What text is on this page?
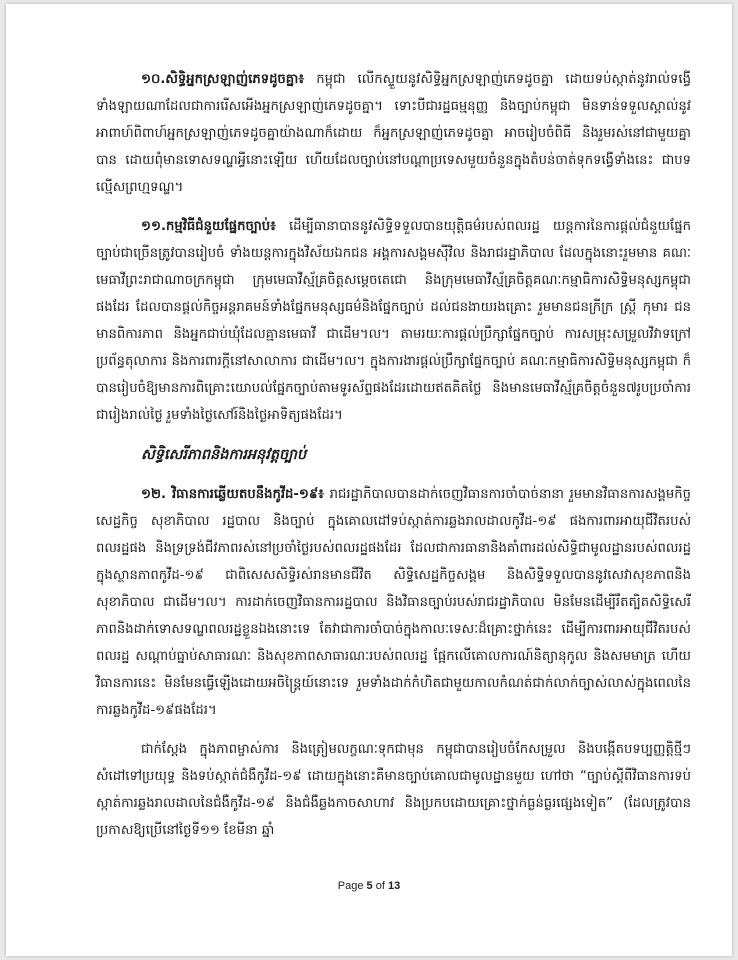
១០.សិទ្ធិអ្នកស្រឡាញ់ភេទដូចគ្នា៖ កម្ពុជា លើកស្ទួយនូវសិទ្ធិអ្នកស្រឡាញ់ភេទដូចគ្នា ដោយទប់ស្កាត់នូវរាល់ទង្វើទាំងឡាយណាដែលជាការរើសអើងអ្នកស្រឡាញ់ភេទដូចគ្នា។ ទោះបីជារដ្ឋធម្មនុញ្ញ និងច្បាប់កម្ពុជា មិនទាន់ទទួលស្គាល់នូវអាពាហ៍ពិពាហ៍អ្នកស្រឡាញ់ភេទដូចគ្នាយ៉ាងណាក៏ដោយ ក៏អ្នកស្រឡាញ់ភេទដូចគ្នា អាចរៀបចំពិធី និងរួមរស់នៅជាមួយគ្នាបាន ដោយពុំមានទោសទណ្ឌអ្វីនោះឡើយ ហើយដែលច្បាប់នៅបណ្ដាប្រទេសមួយចំនួនក្នុងតំបន់ចាត់ទុកទង្វើទាំងនេះ ជាបទល្មើសព្រហ្មទណ្ឌ។

១១.កម្មវិធីជំនួយផ្នែកច្បាប់៖ ដើម្បីធានាបាននូវសិទ្ធិទទួលបានយុត្តិធម៌របស់ពលរដ្ឋ យន្តការនៃការផ្ដល់ជំនួយផ្នែកច្បាប់ជាច្រើនត្រូវបានរៀបចំ ទាំងយន្តការក្នុងវិស័យឯកជន អង្គការសង្គមស៊ីវិល និងរាជរដ្ឋាភិបាល ដែលក្នុងនោះរួមមាន គណៈមេធាវីព្រះរាជាណាចក្រកម្ពុជា ក្រុមមេធាវីស្ម័គ្រចិត្តសម្ដេចតេជោ និងក្រុមមេធាវីស្ម័គ្រចិត្តគណៈកម្មាធិការសិទ្ធិមនុស្សកម្ពុជាផងដែរ ដែលបានផ្ដល់កិច្ចអន្តរាគមន៍ទាំងផ្នែកមនុស្សធម៌និងផ្នែកច្បាប់ ដល់ជនងាយរងគ្រោះ រួមមានជនក្រីក្រ ស្ត្រី កុមារ ជនមានពិការភាព និងអ្នកជាប់ឃុំដែលគ្មានមេធាវី ជាដើម។ល។ តាមរយៈការផ្ដល់ប្រឹក្សាផ្នែកច្បាប់ ការសម្រុះសម្រួលវិវាទក្រៅប្រព័ន្ធតុលាការ និងការពារក្ដីនៅសាលាការ ជាដើម។ល។ ក្នុងការងារផ្ដល់ប្រឹក្សាផ្នែកច្បាប់ គណៈកម្មាធិការសិទ្ធិមនុស្សកម្ពុជា ក៏បានរៀបចំឱ្យមានការពិគ្រោះយោបល់ផ្នែកច្បាប់តាមទូរស័ព្ទផងដែរដោយឥតគិតថ្លៃ និងមានមេធាវីស្ម័គ្រចិត្តចំនួន៧រូបប្រចាំការជារៀងរាល់ថ្ងៃ រួមទាំងថ្ងៃសៅរ៍និងថ្ងៃអាទិត្យផងដែរ។

សិទ្ធិសេរីភាពនិងការអនុវត្តច្បាប់

១២. វិធានការឆ្លើយតបនឹងកូវីដ-១៩៖ រាជរដ្ឋាភិបាលបានដាក់ចេញវិធានការចាំបាច់នានា រួមមានវិធានការសង្គមកិច្ច សេដ្ឋកិច្ច សុខាភិបាល រដ្ឋបាល និងច្បាប់ ក្នុងគោលដៅទប់ស្កាត់ការឆ្លងរាលដាលកូវីដ-១៩ ផងការពារអាយុជីវិតរបស់ពលរដ្ឋផង និងទ្រទ្រង់ជីវភាពរស់នៅប្រចាំថ្ងៃរបស់ពលរដ្ឋផងដែរ ដែលជាការធានានិងគាំពារដល់សិទ្ធិជាមូលដ្ឋានរបស់ពលរដ្ឋក្នុងស្ថានភាពកូវីដ-១៩ ជាពិសេសសិទ្ធិរស់រានមានជីវិត សិទ្ធិសេដ្ឋកិច្ចសង្គម និងសិទ្ធិទទួលបាននូវសេវាសុខភាពនិងសុខាភិបាល ជាដើម។ល។ ការដាក់ចេញវិធានការរដ្ឋបាល និងវិធានច្បាប់របស់រាជរដ្ឋាភិបាល មិនមែនដើម្បីរឹតត្បិតសិទ្ធិសេរីភាពនិងដាក់ទោសទណ្ឌពលរដ្ឋខ្លួនឯងនោះទេ តែវាជាការចាំបាច់ក្នុងកាលៈទេសៈដ៏គ្រោះថ្នាក់នេះ ដើម្បីការពារអាយុជីវិតរបស់ពលរដ្ឋ សណ្ដាប់ធ្នាប់សាធារណៈ និងសុខភាពសាធារណៈរបស់ពលរដ្ឋ ផ្អែកលើគោលការណ៍និត្យានុកូល និងសមមាត្រ ហើយវិធានការនេះ មិនមែនធ្វើឡើងដោយអចិន្ត្រៃយ៍នោះទេ រួមទាំងដាក់កំហិតជាមួយកាលកំណត់ជាក់លាក់ច្បាស់លាស់ក្នុងពេលនៃការឆ្លងកូវីដ-១៩ផងដែរ។

ជាក់ស្ដែង ក្នុងភាពម្ចាស់ការ និងត្រៀមលក្ខណៈទុកជាមុន កម្ពុជាបានរៀបចំកែសម្រួល និងបង្កើតបទប្បញ្ញត្តិថ្មីៗ សំដៅទៅប្រយុទ្ធ និងទប់ស្កាត់ជំងឺកូវីដ-១៩ ដោយក្នុងនោះគឺមានច្បាប់គោលជាមូលដ្ឋានមួយ ហៅថា “ច្បាប់ស្ដីពីវិធានការទប់ស្កាត់ការឆ្លងរាលដាលនៃជំងឺកូវីដ-១៩ និងជំងឺឆ្លងកាចសាហាវ និងប្រកបដោយគ្រោះថ្នាក់ធ្ងន់ធ្ងរផ្សេងទៀត” (ដែលត្រូវបានប្រកាសឱ្យប្រើនៅថ្ងៃទី១១ ខែមីនា ឆ្នាំ

Page 5 of 13
